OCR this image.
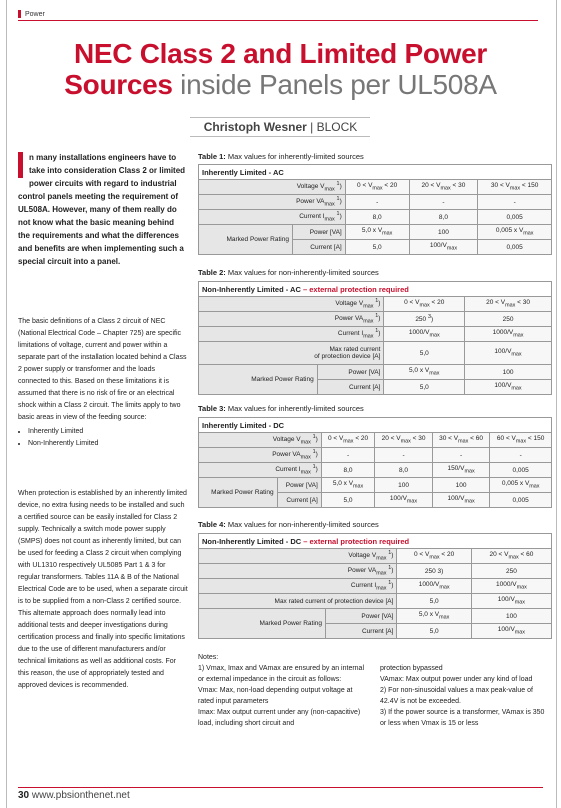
Power
NEC Class 2 and Limited Power
Sources inside Panels per UL508A
Christoph Wesner | BLOCK
n many installations engineers have to take into consideration Class 2 or limited power circuits with regard to industrial control panels meeting the requirement of UL508A. However, many of them really do not know what the basic meaning behind the requirements and what the differences and benefits are when implementing such a special circuit into a panel.
The basic definitions of a Class 2 circuit of NEC (National Electrical Code – Chapter 725) are specific limitations of voltage, current and power within a separate part of the installation located behind a Class 2 power supply or transformer and the loads connected to this. Based on these limitations it is assumed that there is no risk of fire or an electrical shock within a Class 2 circuit. The limits apply to two basic areas in view of the feeding source:
• Inherently Limited
• Non-Inherently Limited
When protection is established by an inherently limited device, no extra fusing needs to be installed and such a certified source can be easily installed for Class 2 supply. Technically a switch mode power supply (SMPS) does not count as inherently limited, but can be used for feeding a Class 2 circuit when complying with UL1310 respectively UL5085 Part 1 & 3 for regular transformers. Tables 11A & B of the National Electrical Code are to be used, when a separate circuit is to be supplied from a non-Class 2 certified source. This alternate approach does normally lead into additional tests and deeper investigations during certification process and finally into specific limitations due to the use of different manufacturers and/or technical limitations as well as additional costs. For this reason, the use of appropriately tested and approved devices is recommended.
Table 1: Max values for inherently-limited sources
Inherently Limited - AC				
Voltage $V_{max}$ $^1$)		$0 < V_{max} < 20$	$20 < V_{max} < 30$	$30 < V_{max} < 150$
Power $VA_{max}$ $^1$)		-	-	-
Current $I_{max}$ $^1$)		8,0	8,0	0,005
Marked Power Rating	Power [VA]	5,0 x $V_{max}$	100	0,005 x $V_{max}$
	Current [A]	5,0	$100/V_{max}$	0,005
Table 2: Max values for non-inherently-limited sources
Non-Inherently Limited - AC – external protection required			
Voltage $V_{max}$ $^1$)		$0 < V_{max} < 20$	$20 < V_{max} < 30$
Power $VA_{max}$ $^1$)		250 $^3$)	250
Current $I_{max}$ $^1$)		$1000/V_{max}$	$1000/V_{max}$
Max rated current
of protection device [A]		5,0	$100/V_{max}$
Marked Power Rating	Power [VA]	5,0 x $V_{max}$	100
	Current [A]	5,0	$100/V_{max}$
Table 3: Max values for inherently-limited sources
Inherently Limited - DC					
Voltage $V_{max}$ $^1$)		$0 < V_{max} < 20$	$20 < V_{max} < 30$	$30 < V_{max} < 60$	$60 < V_{max} < 150$
Power $VA_{max}$ $^1$)		-	-	-	-
Current $I_{max}$ $^1$)		8,0	8,0	$150/V_{max}$	0,005
Marked Power Rating	Power [VA]	5,0 x $V_{max}$	100	100	0,005 x $V_{max}$
	Current [A]	5,0	$100/V_{max}$	$100/V_{max}$	0,005
Table 4: Max values for non-inherently-limited sources
Non-Inherently Limited - DC – external protection required			
Voltage $V_{max}$ $^1$)		$0 < V_{max} < 20$	$20 < V_{max} < 60$
Power $VA_{max}$ $^1$)		250 3)	250
Current $I_{max}$ $^1$)		$1000/V_{max}$	$1000/V_{max}$
Max rated current of protection device [A]		5,0	$100/V_{max}$
Marked Power Rating	Power [VA]	5,0 x $V_{max}$	100
	Current [A]	5,0	$100/V_{max}$
Notes:
1) Vmax, Imax and VAmax are ensured by an internal or external impedance in the circuit as follows:
Vmax: Max, non-load depending output voltage at rated input parameters
Imax: Max output current under any (non-capacitive) load, including short circuit and
protection bypassed
VAmax: Max output power under any kind of load
2) For non-sinusoidal values a max peak-value of 42.4V is not be exceeded.
3) If the power source is a transformer, VAmax is 350 or less when Vmax is 15 or less
30 www.pbsionthenet.net
